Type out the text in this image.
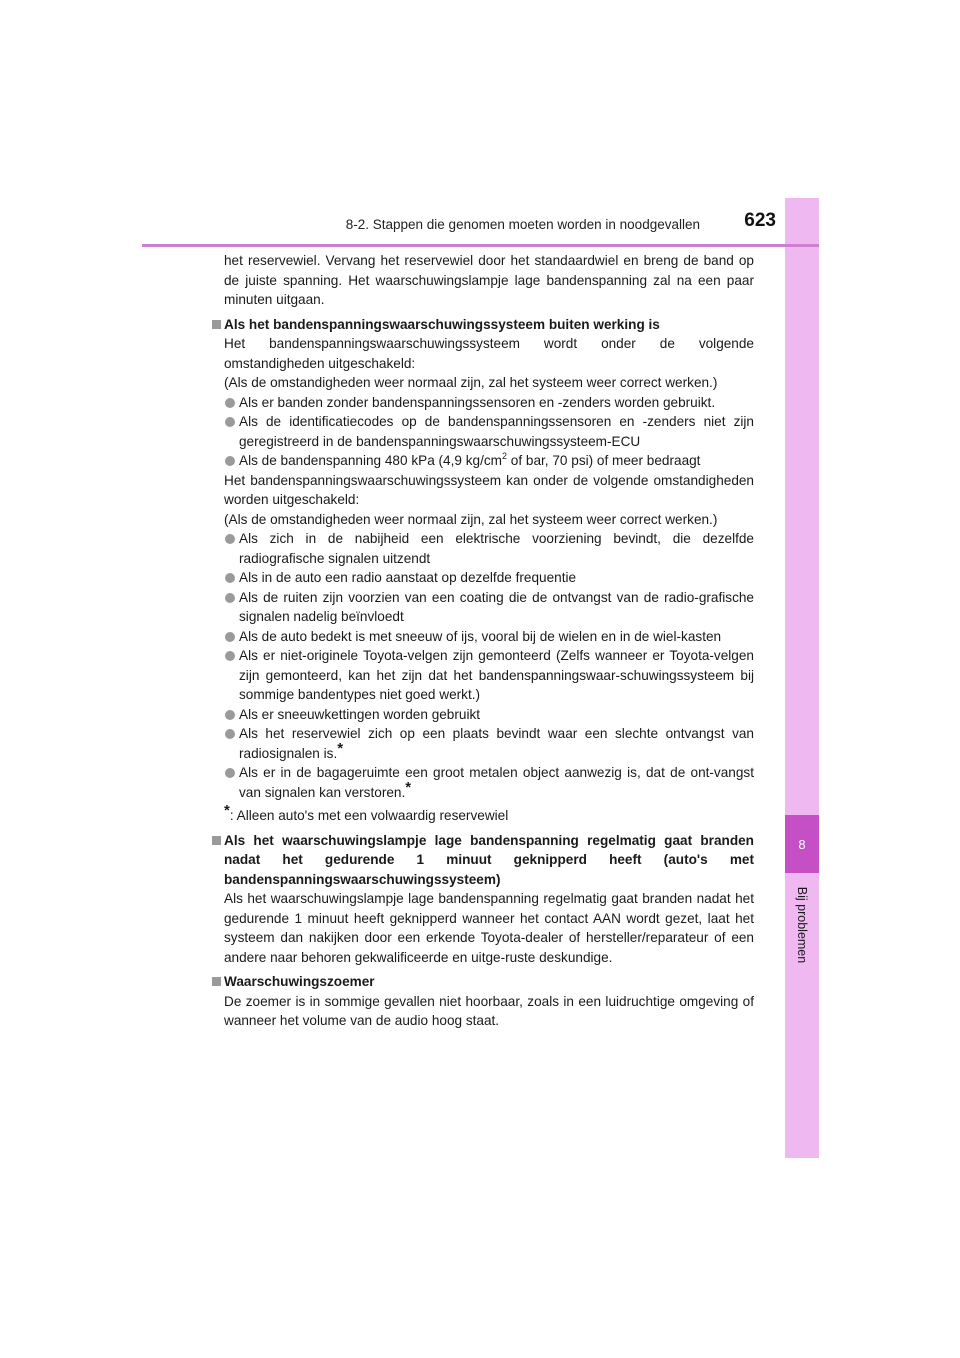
8
Bij problemen
8-2. Stappen die genomen moeten worden in noodgevallen	623

het reservewiel. Vervang het reservewiel door het standaardwiel en breng de band op de juiste spanning. Het waarschuwingslampje lage bandenspanning zal na een paar minuten uitgaan.

Als het bandenspanningswaarschuwingssysteem buiten werking is

Het bandenspanningswaarschuwingssysteem wordt onder de volgende omstandigheden uitgeschakeld:

(Als de omstandigheden weer normaal zijn, zal het systeem weer correct werken.)

Als er banden zonder bandenspanningssensoren en -zenders worden gebruikt.
Als de identificatiecodes op de bandenspanningssensoren en -zenders niet zijn geregistreerd in de bandenspanningswaarschuwingssysteem-ECU
Als de bandenspanning 480 kPa (4,9 $kg/cm^2$ of bar, 70 psi) of meer bedraagt

Het bandenspanningswaarschuwingssysteem kan onder de volgende omstandigheden worden uitgeschakeld:

(Als de omstandigheden weer normaal zijn, zal het systeem weer correct werken.)

Als zich in de nabijheid een elektrische voorziening bevindt, die dezelfde radiografische signalen uitzendt
Als in de auto een radio aanstaat op dezelfde frequentie
Als de ruiten zijn voorzien van een coating die de ontvangst van de radio-grafische signalen nadelig beïnvloedt
Als de auto bedekt is met sneeuw of ijs, vooral bij de wielen en in de wiel-kasten
Als er niet-originele Toyota-velgen zijn gemonteerd (Zelfs wanneer er Toyota-velgen zijn gemonteerd, kan het zijn dat het bandenspanningswaar-schuwingssysteem bij sommige bandentypes niet goed werkt.)
Als er sneeuwkettingen worden gebruikt
Als het reservewiel zich op een plaats bevindt waar een slechte ontvangst van radiosignalen is.*
Als er in de bagageruimte een groot metalen object aanwezig is, dat de ont-vangst van signalen kan verstoren.*
*: Alleen auto's met een volwaardig reservewiel
Als het waarschuwingslampje lage bandenspanning regelmatig gaat branden nadat het gedurende 1 minuut geknipperd heeft (auto's met bandenspanningswaarschuwingssysteem)

Als het waarschuwingslampje lage bandenspanning regelmatig gaat branden nadat het gedurende 1 minuut heeft geknipperd wanneer het contact AAN wordt gezet, laat het systeem dan nakijken door een erkende Toyota-dealer of hersteller/reparateur of een andere naar behoren gekwalificeerde en uitge-ruste deskundige.

Waarschuwingszoemer

De zoemer is in sommige gevallen niet hoorbaar, zoals in een luidruchtige omgeving of wanneer het volume van de audio hoog staat.
